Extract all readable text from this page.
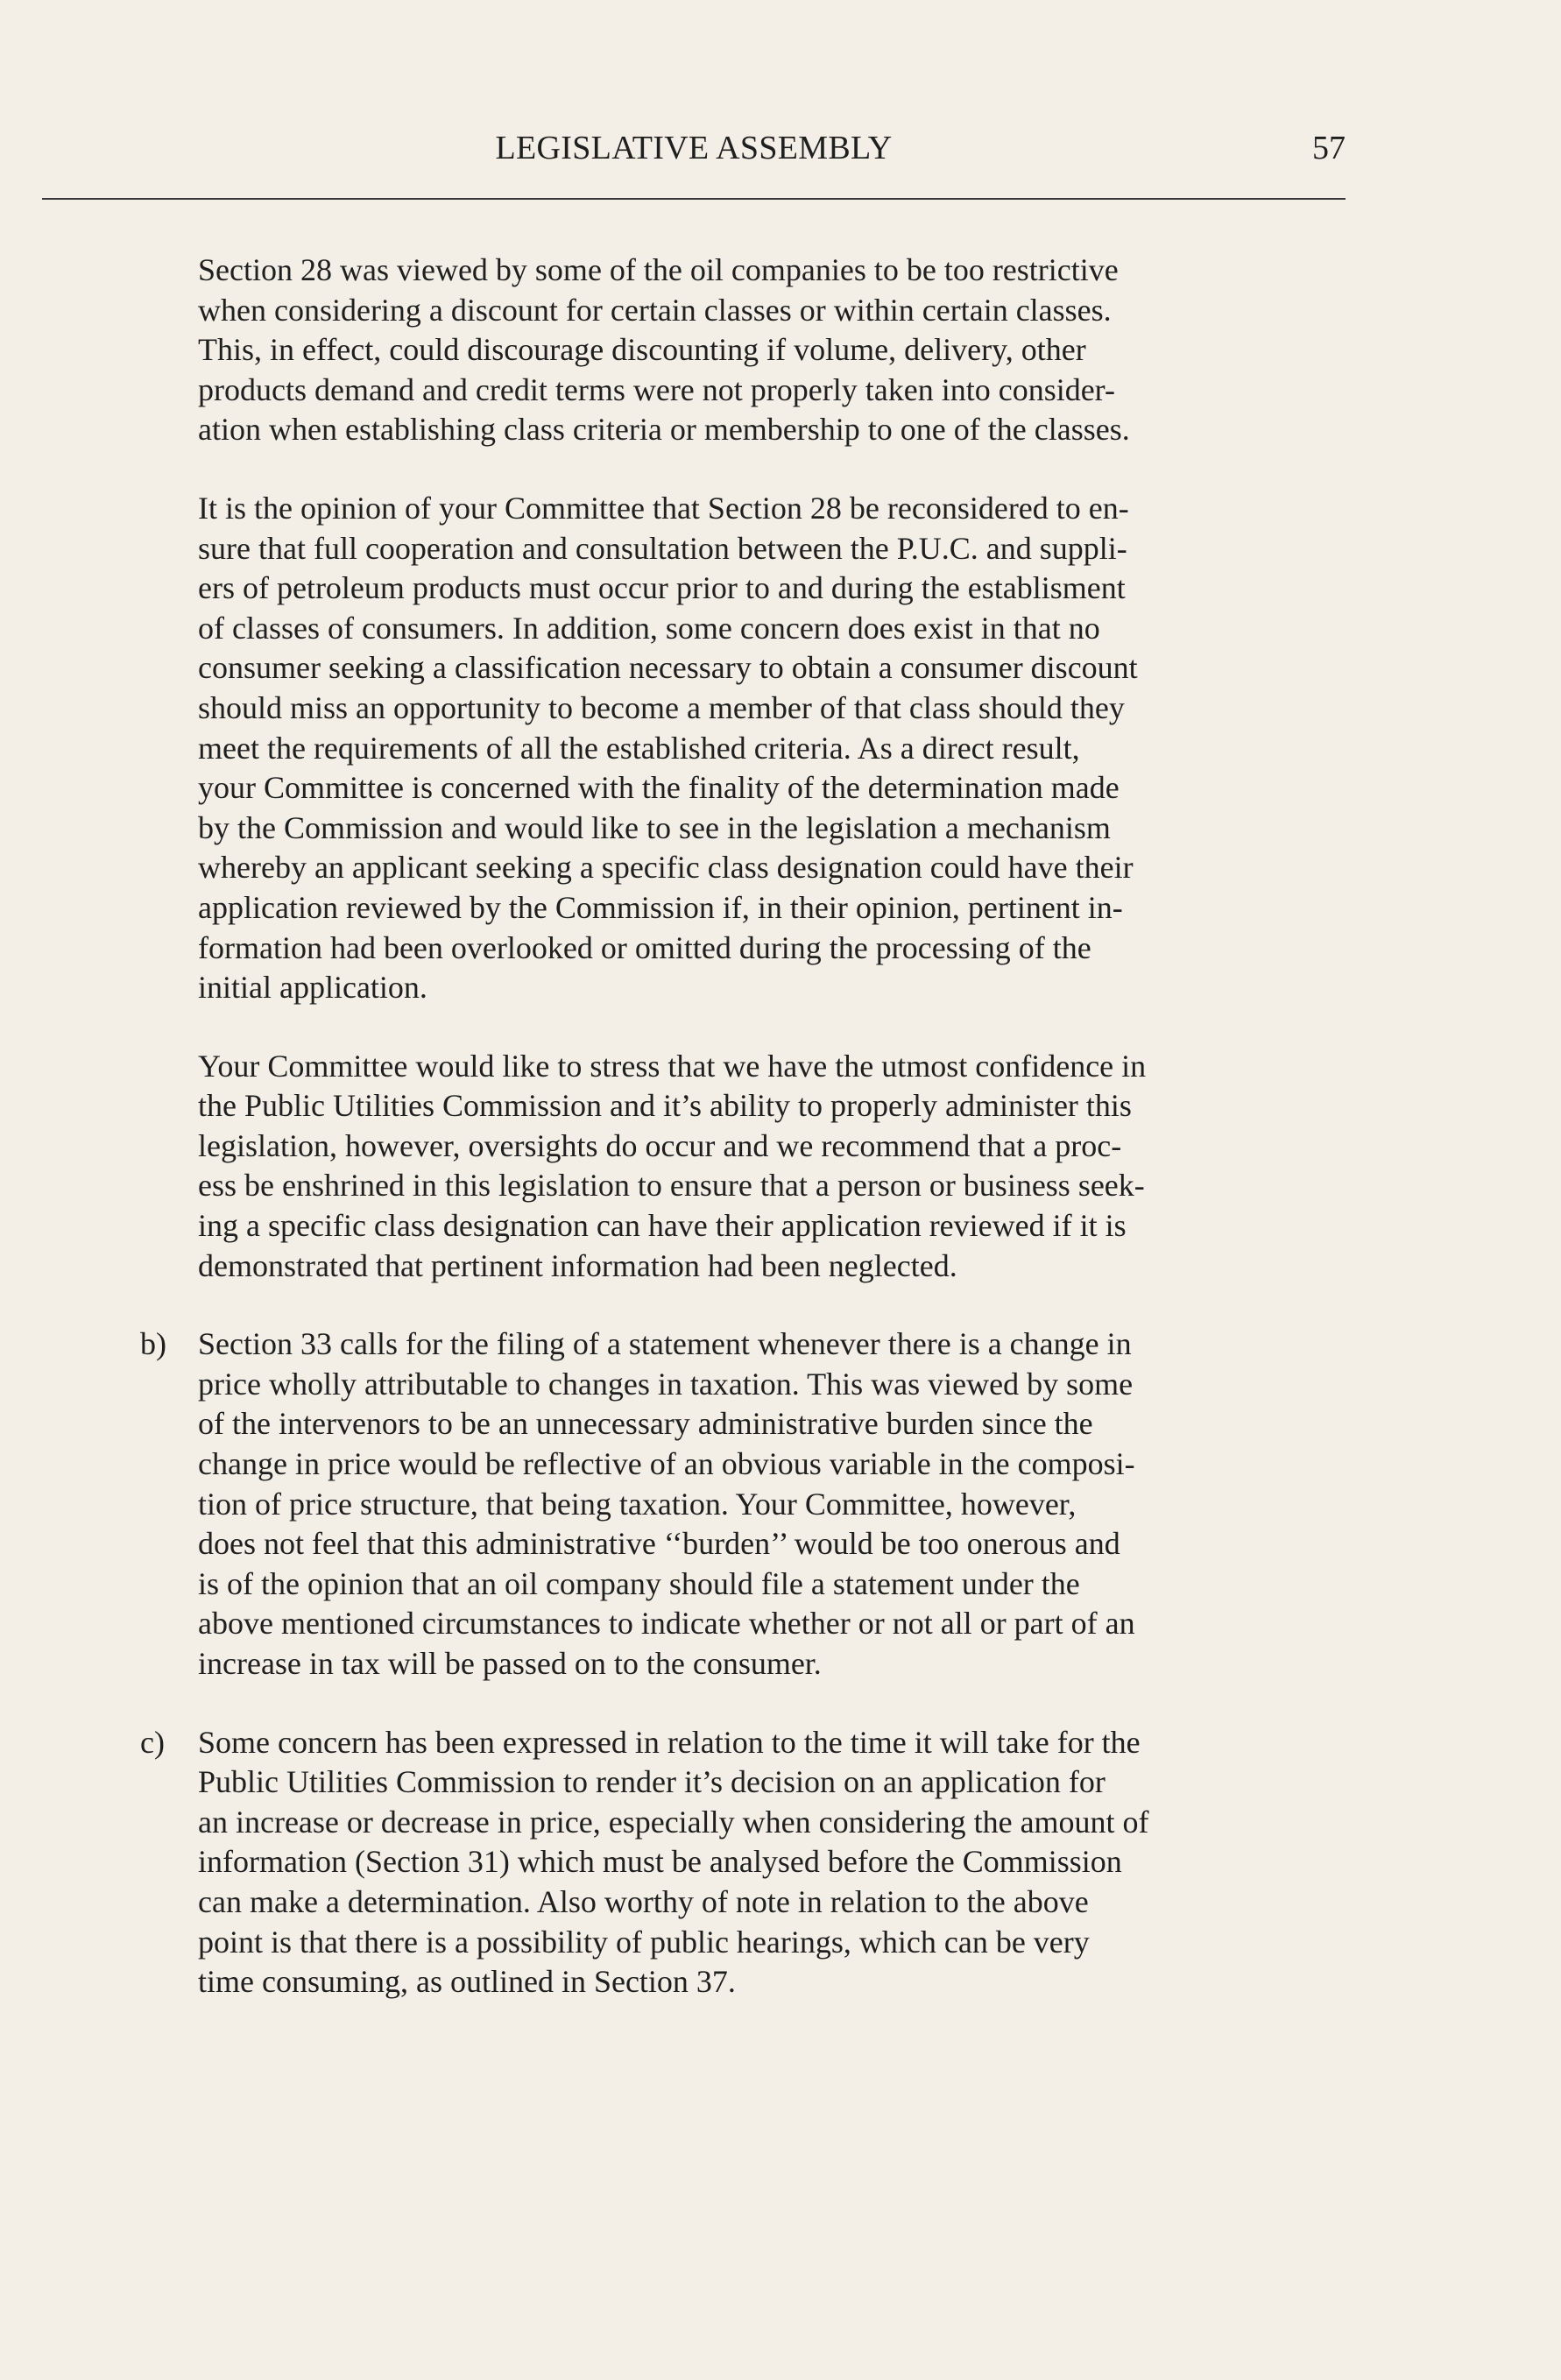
LEGISLATIVE ASSEMBLY	57
Section 28 was viewed by some of the oil companies to be too restrictive
when considering a discount for certain classes or within certain classes.
This, in effect, could discourage discounting if volume, delivery, other
products demand and credit terms were not properly taken into consider-
ation when establishing class criteria or membership to one of the classes.
It is the opinion of your Committee that Section 28 be reconsidered to en-
sure that full cooperation and consultation between the P.U.C. and suppli-
ers of petroleum products must occur prior to and during the establisment
of classes of consumers. In addition, some concern does exist in that no
consumer seeking a classification necessary to obtain a consumer discount
should miss an opportunity to become a member of that class should they
meet the requirements of all the established criteria. As a direct result,
your Committee is concerned with the finality of the determination made
by the Commission and would like to see in the legislation a mechanism
whereby an applicant seeking a specific class designation could have their
application reviewed by the Commission if, in their opinion, pertinent in-
formation had been overlooked or omitted during the processing of the
initial application.
Your Committee would like to stress that we have the utmost confidence in
the Public Utilities Commission and it’s ability to properly administer this
legislation, however, oversights do occur and we recommend that a proc-
ess be enshrined in this legislation to ensure that a person or business seek-
ing a specific class designation can have their application reviewed if it is
demonstrated that pertinent information had been neglected.
b) Section 33 calls for the filing of a statement whenever there is a change in
price wholly attributable to changes in taxation. This was viewed by some
of the intervenors to be an unnecessary administrative burden since the
change in price would be reflective of an obvious variable in the composi-
tion of price structure, that being taxation. Your Committee, however,
does not feel that this administrative ‘‘burden’’ would be too onerous and
is of the opinion that an oil company should file a statement under the
above mentioned circumstances to indicate whether or not all or part of an
increase in tax will be passed on to the consumer.
c) Some concern has been expressed in relation to the time it will take for the
Public Utilities Commission to render it’s decision on an application for
an increase or decrease in price, especially when considering the amount of
information (Section 31) which must be analysed before the Commission
can make a determination. Also worthy of note in relation to the above
point is that there is a possibility of public hearings, which can be very
time consuming, as outlined in Section 37.
